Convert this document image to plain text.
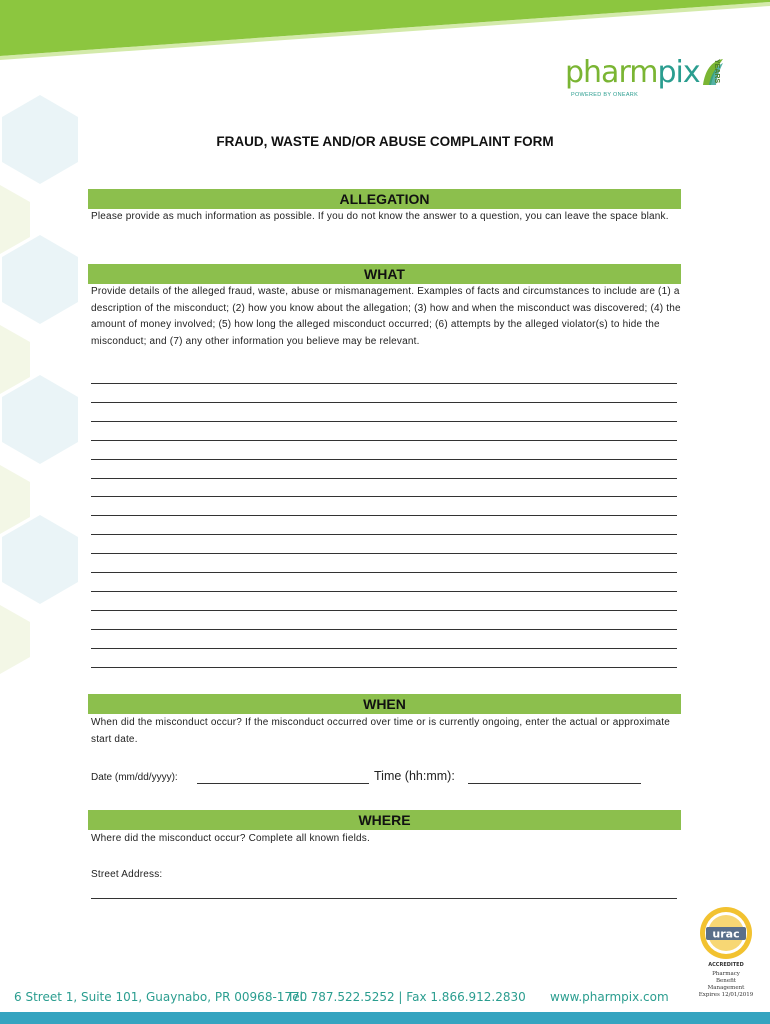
pharmpix YEARS
POWERED BY ONEARK
FRAUD, WASTE AND/OR ABUSE COMPLAINT FORM
ALLEGATION
Please provide as much information as possible. If you do not know the answer to a question, you can leave the space blank.
WHAT
Provide details of the alleged fraud, waste, abuse or mismanagement. Examples of facts and circumstances to include are (1) a description of the misconduct; (2) how you know about the allegation; (3) how and when the misconduct was discovered; (4) the amount of money involved; (5) how long the alleged misconduct occurred; (6) attempts by the alleged violator(s) to hide the misconduct; and (7) any other information you believe may be relevant.
WHEN
When did the misconduct occur? If the misconduct occurred over time or is currently ongoing, enter the actual or approximate start date.
Date (mm/dd/yyyy):	Time (hh:mm):
WHERE
Where did the misconduct occur? Complete all known fields.
Street Address:
urac
ACCREDITED
Pharmacy
Benefit
Management
Expires 12/01/2019
6 Street 1, Suite 101, Guaynabo, PR 00968-1770
Tel. 787.522.5252 | Fax 1.866.912.2830 www.pharmpix.com
